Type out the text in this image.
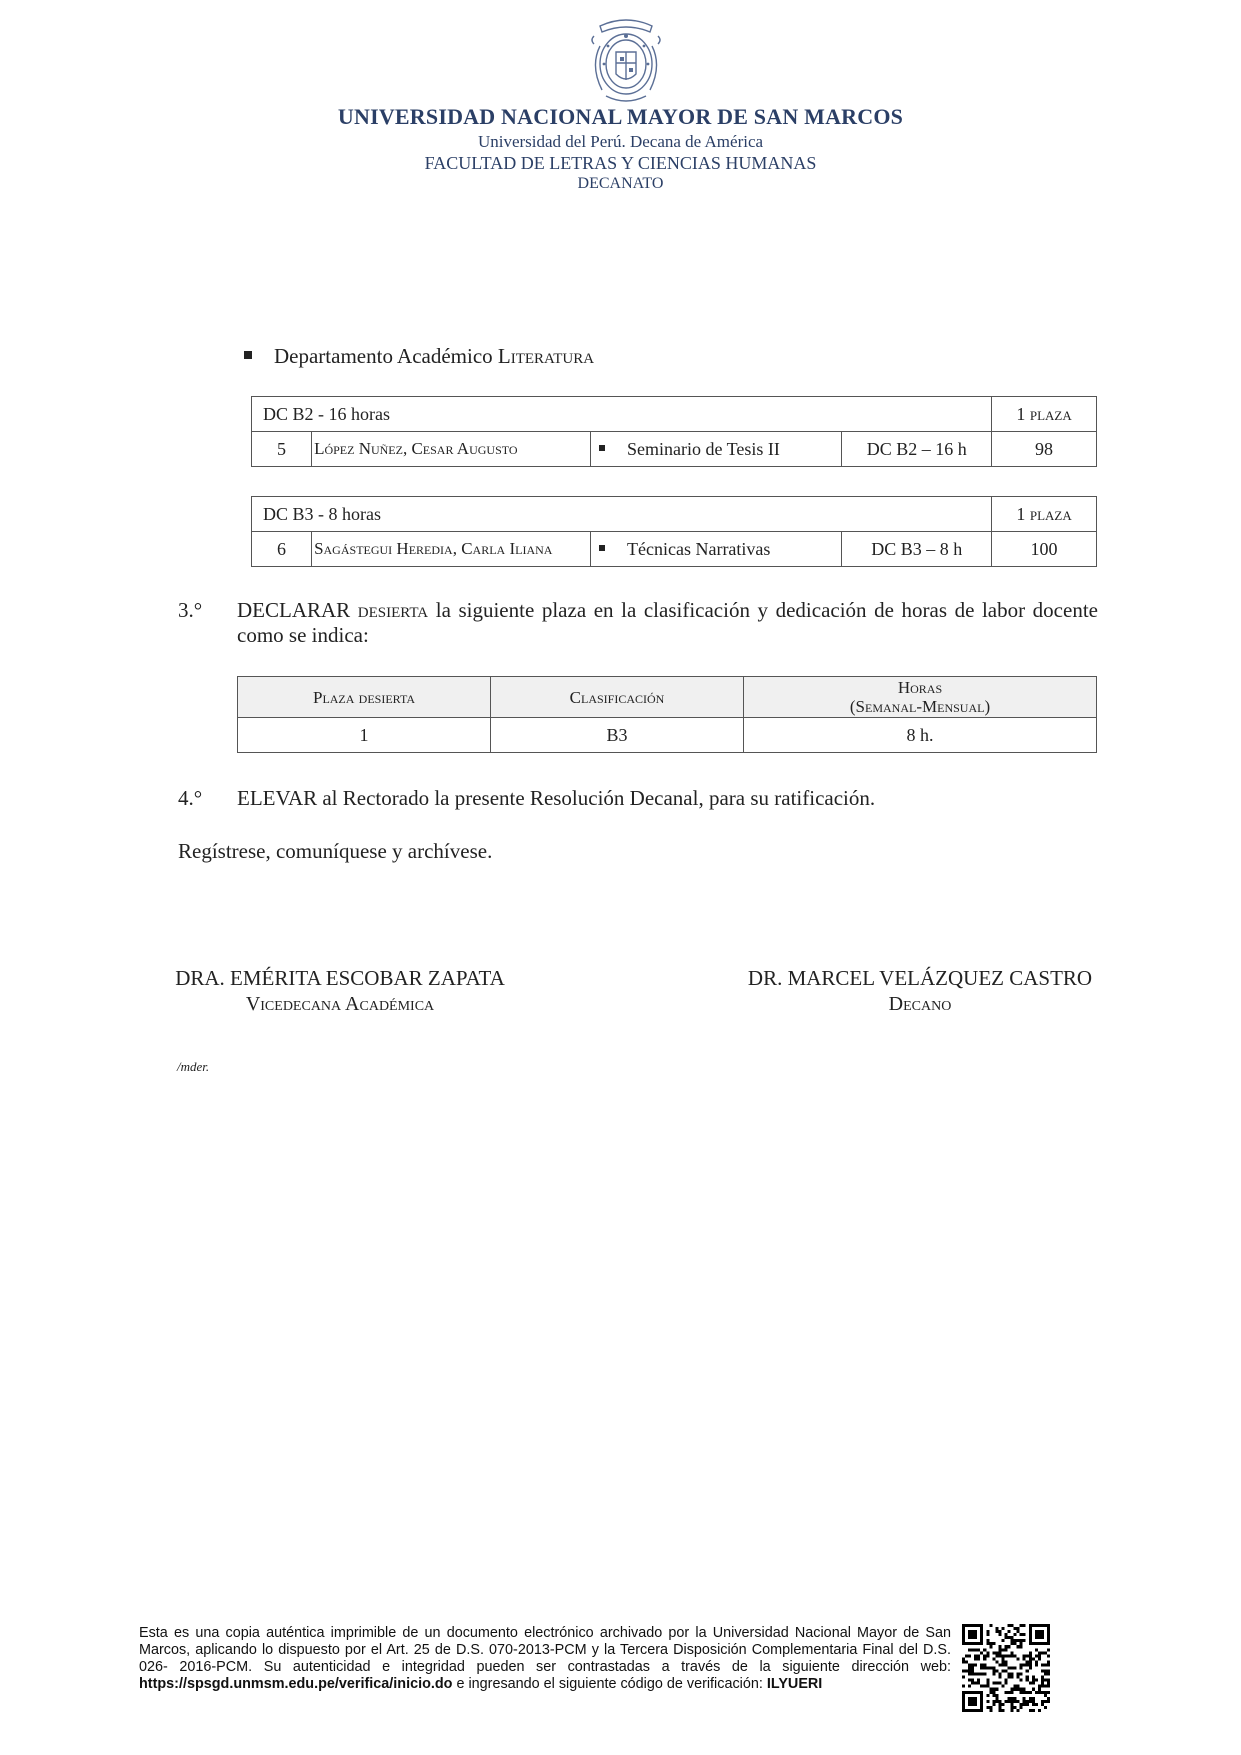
UNIVERSIDAD NACIONAL MAYOR DE SAN MARCOS
Universidad del Perú. Decana de América
FACULTAD DE LETRAS Y CIENCIAS HUMANAS
DECANATO
Departamento Académico Literatura
DC B2 - 16 horas				1 plaza
5	López Nuñez, Cesar Augusto	Seminario de Tesis II	DC B2 – 16 h	98
DC B3 - 8 horas				1 plaza
6	Sagástegui Heredia, Carla Iliana	Técnicas Narrativas	DC B3 – 8 h	100
3.° DECLARAR desierta la siguiente plaza en la clasificación y dedicación de horas de labor docente como se indica:
Plaza desierta	Clasificación	Horas
(Semanal-Mensual)
1	B3	8 h.
4.° ELEVAR al Rectorado la presente Resolución Decanal, para su ratificación.
Regístrese, comuníquese y archívese.
DRA. EMÉRITA ESCOBAR ZAPATA
Vicedecana Académica
DR. MARCEL VELÁZQUEZ CASTRO
Decano
/mder.
Esta es una copia auténtica imprimible de un documento electrónico archivado por la Universidad Nacional Mayor de San Marcos, aplicando lo dispuesto por el Art. 25 de D.S. 070-2013-PCM y la Tercera Disposición Complementaria Final del D.S. 026- 2016-PCM. Su autenticidad e integridad pueden ser contrastadas a través de la siguiente dirección web: https://spsgd.unmsm.edu.pe/verifica/inicio.do e ingresando el siguiente código de verificación: ILYUERI
